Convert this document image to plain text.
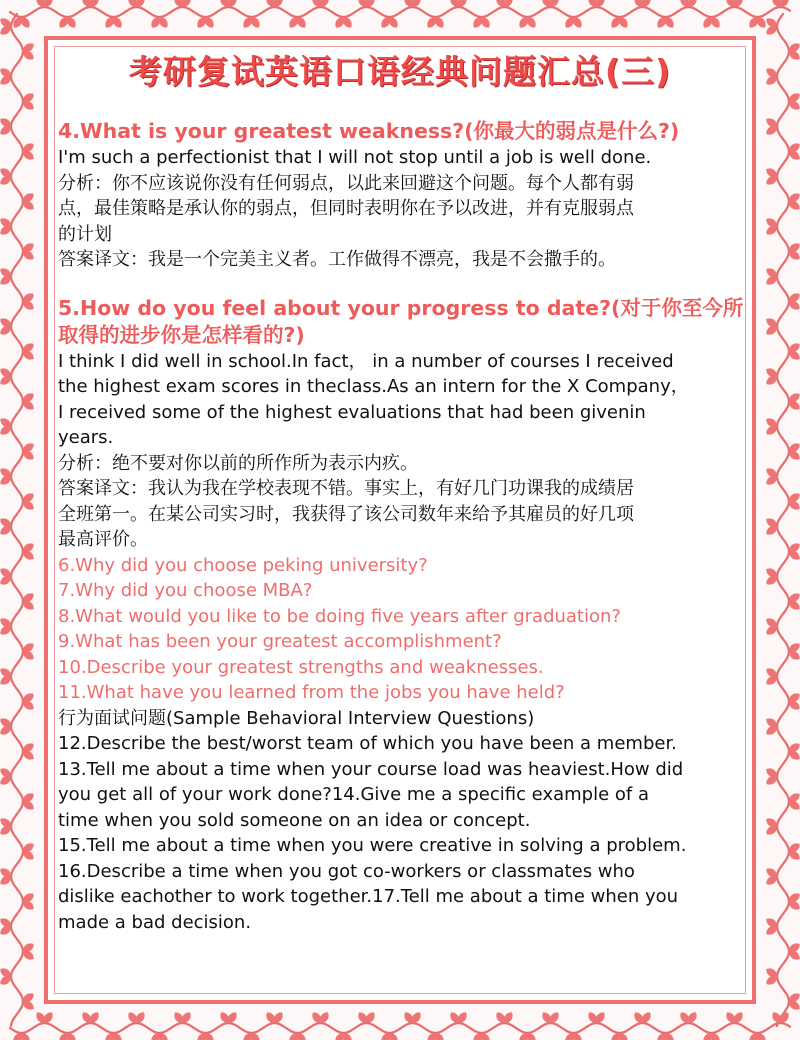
考研复试英语口语经典问题汇总(三)

4.What is your greatest weakness?(你最大的弱点是什么?)

I'm such a perfectionist that I will not stop until a job is well done.

分析：你不应该说你没有任何弱点，以此来回避这个问题。每个人都有弱

点，最佳策略是承认你的弱点，但同时表明你在予以改进，并有克服弱点

的计划

答案译文：我是一个完美主义者。工作做得不漂亮，我是不会撒手的。

5.How do you feel about your progress to date?(对于你至今所

取得的进步你是怎样看的?)

I think I did well in school.In fact， in a number of courses I received

the highest exam scores in theclass.As an intern for the X Company，

I received some of the highest evaluations that had been givenin

years.

分析：绝不要对你以前的所作所为表示内疚。

答案译文：我认为我在学校表现不错。事实上，有好几门功课我的成绩居

全班第一。在某公司实习时，我获得了该公司数年来给予其雇员的好几项

最高评价。

6.Why did you choose peking university?

7.Why did you choose MBA?

8.What would you like to be doing five years after graduation?

9.What has been your greatest accomplishment?

10.Describe your greatest strengths and weaknesses.

11.What have you learned from the jobs you have held?

行为面试问题(Sample Behavioral Interview Questions)

12.Describe the best/worst team of which you have been a member.

13.Tell me about a time when your course load was heaviest.How did

you get all of your work done?14.Give me a specific example of a

time when you sold someone on an idea or concept.

15.Tell me about a time when you were creative in solving a problem.

16.Describe a time when you got co-workers or classmates who

dislike eachother to work together.17.Tell me about a time when you

made a bad decision.
